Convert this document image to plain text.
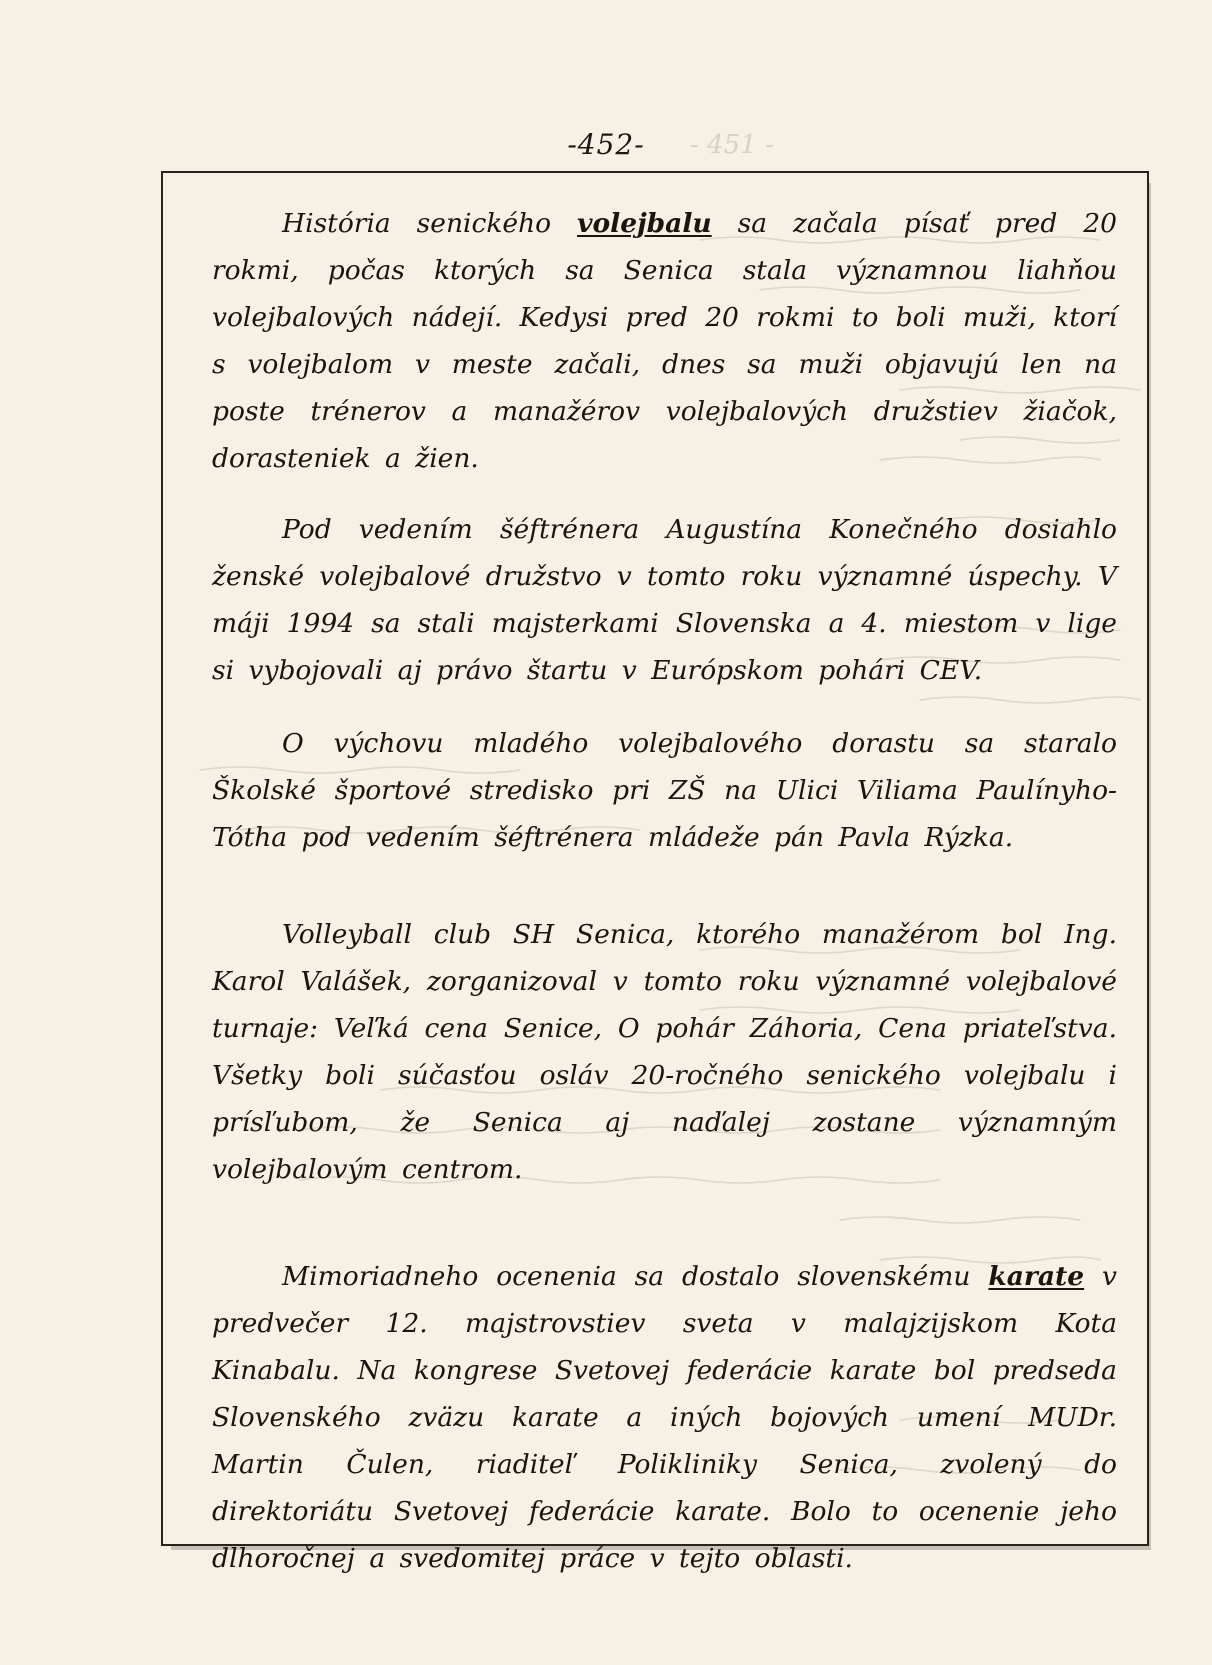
- 451 -
-452-

História senického volejbalu sa začala písať pred 20 rokmi, počas ktorých sa Senica stala významnou liahňou volejbalových nádejí. Kedysi pred 20 rokmi to boli muži, ktorí s volejbalom v meste začali, dnes sa muži objavujú len na poste trénerov a manažérov volejbalových družstiev žiačok, dorasteniek a žien.

Pod vedením šéftrénera Augustína Konečného dosiahlo ženské volejbalové družstvo v tomto roku významné úspechy. V máji 1994 sa stali majsterkami Slovenska a 4. miestom v lige si vybojovali aj právo štartu v Európskom pohári CEV.

O výchovu mladého volejbalového dorastu sa staralo Školské športové stredisko pri ZŠ na Ulici Viliama Paulínyho-Tótha pod vedením šéftrénera mládeže pán Pavla Rýzka.

Volleyball club SH Senica, ktorého manažérom bol Ing. Karol Valášek, zorganizoval v tomto roku významné volejbalové turnaje: Veľká cena Senice, O pohár Záhoria, Cena priateľstva. Všetky boli súčasťou osláv 20-ročného senického volejbalu i prísľubom, že Senica aj naďalej zostane významným volejbalovým centrom.

Mimoriadneho ocenenia sa dostalo slovenskému karate v predvečer 12. majstrovstiev sveta v malajzijskom Kota Kinabalu. Na kongrese Svetovej federácie karate bol predseda Slovenského zväzu karate a iných bojových umení MUDr. Martin Čulen, riaditeľ Polikliniky Senica, zvolený do direktoriátu Svetovej federácie karate. Bolo to ocenenie jeho dlhoročnej a svedomitej práce v tejto oblasti.
